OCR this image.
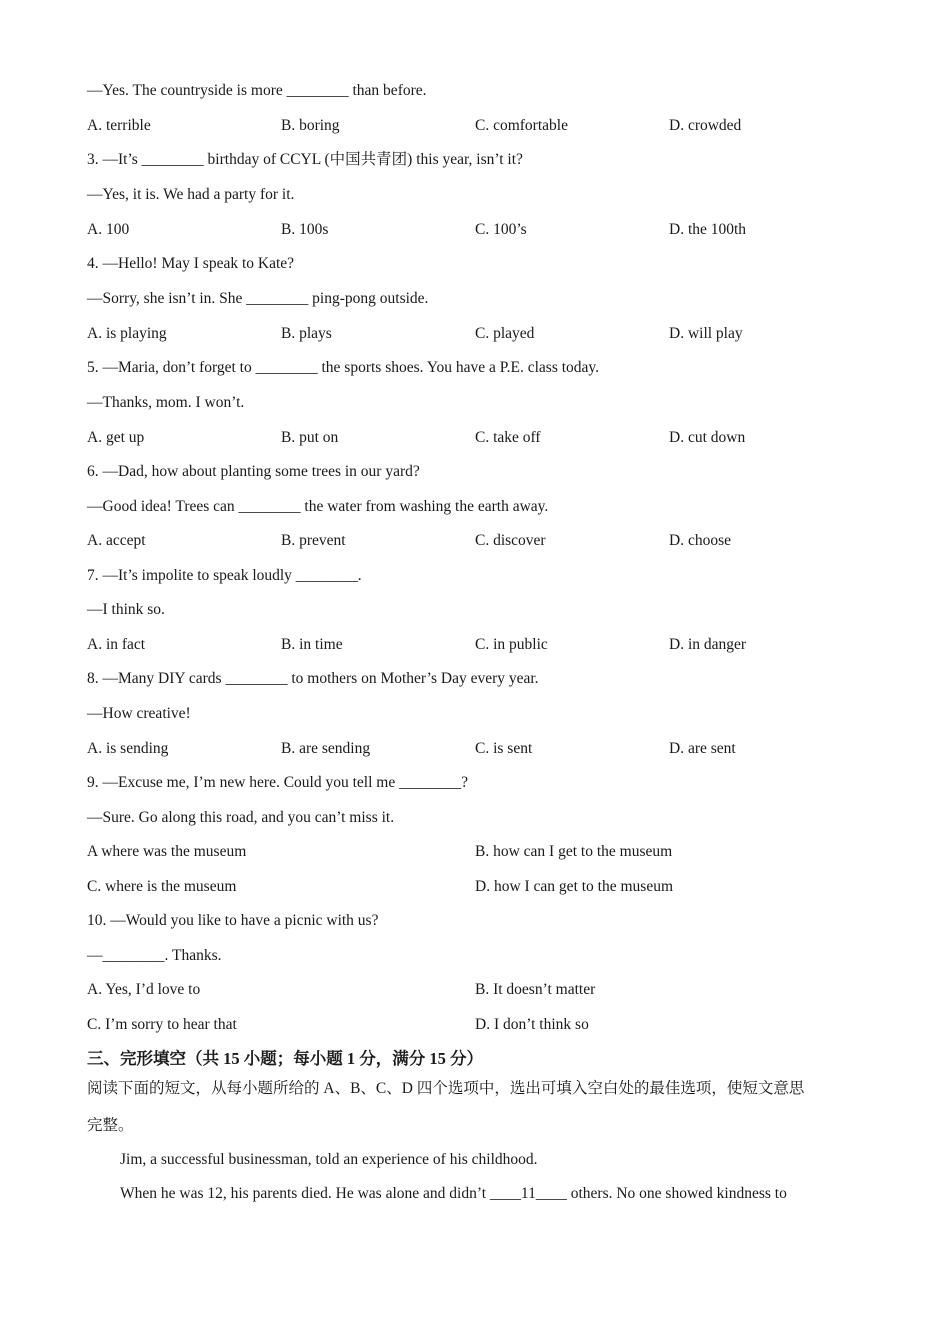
—Yes. The countryside is more ________ than before.
A. terrible	B. boring	C. comfortable	D. crowded
3. —It’s ________ birthday of CCYL (中国共青团) this year, isn’t it?
—Yes, it is. We had a party for it.
A. 100	B. 100s	C. 100’s	D. the 100th
4. —Hello! May I speak to Kate?
—Sorry, she isn’t in. She ________ ping-pong outside.
A. is playing	B. plays	C. played	D. will play
5. —Maria, don’t forget to ________ the sports shoes. You have a P.E. class today.
—Thanks, mom. I won’t.
A. get up	B. put on	C. take off	D. cut down
6. —Dad, how about planting some trees in our yard?
—Good idea! Trees can ________ the water from washing the earth away.
A. accept	B. prevent	C. discover	D. choose
7. —It’s impolite to speak loudly ________.
—I think so.
A. in fact	B. in time	C. in public	D. in danger
8. —Many DIY cards ________ to mothers on Mother’s Day every year.
—How creative!
A. is sending	B. are sending	C. is sent	D. are sent
9. —Excuse me, I’m new here. Could you tell me ________?
—Sure. Go along this road, and you can’t miss it.
A where was the museum	B. how can I get to the museum
C. where is the museum	D. how I can get to the museum
10. —Would you like to have a picnic with us?
—________. Thanks.
A. Yes, I’d love to	B. It doesn’t matter
C. I’m sorry to hear that	D. I don’t think so
三、完形填空（共 15 小题；每小题 1 分，满分 15 分）
阅读下面的短文，从每小题所给的 A、B、C、D 四个选项中，选出可填入空白处的最佳选项，使短文意思
完整。
Jim, a successful businessman, told an experience of his childhood.
When he was 12, his parents died. He was alone and didn’t ____11____ others. No one showed kindness to
